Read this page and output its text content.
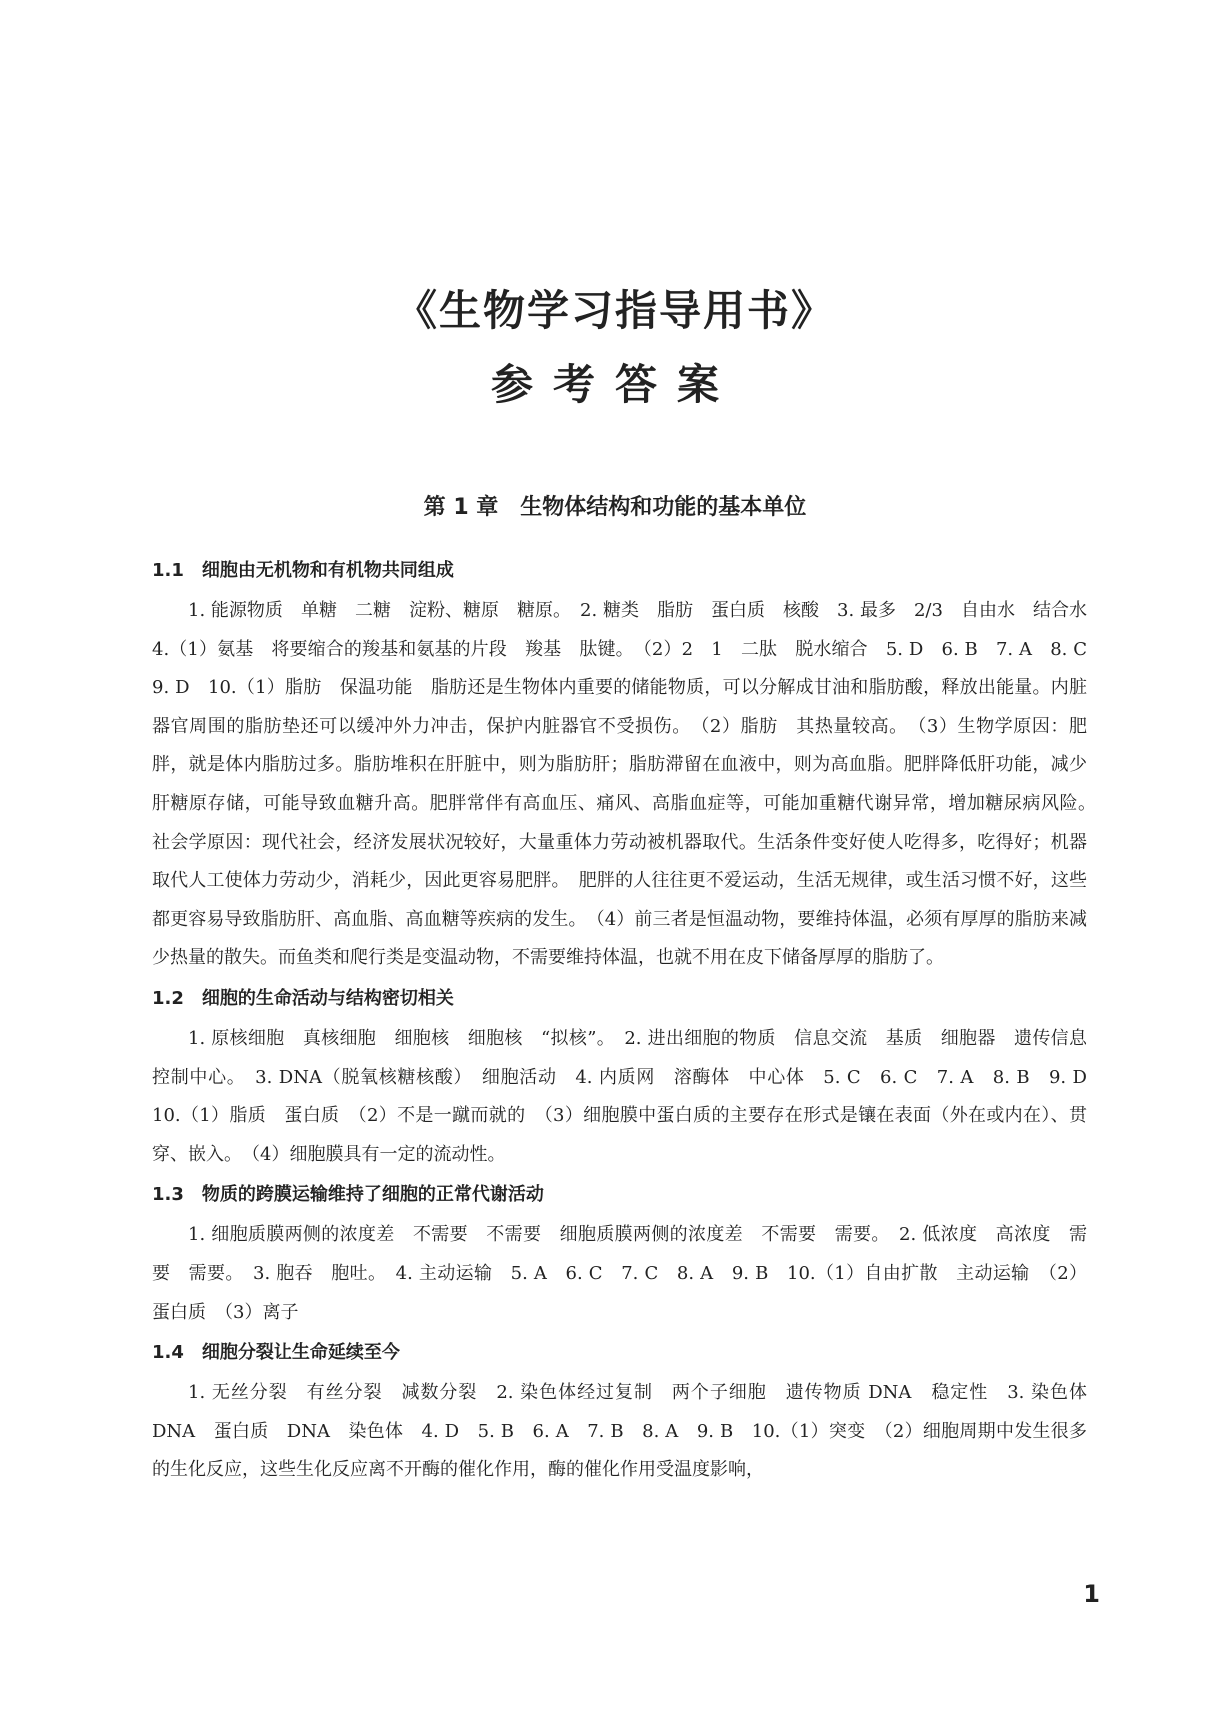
《生物学习指导用书》
参考答案
第 1 章　生物体结构和功能的基本单位
1.1　细胞由无机物和有机物共同组成

1. 能源物质　单糖　二糖　淀粉、糖原　糖原。　2. 糖类　脂肪　蛋白质　核酸　3. 最多　2/3　自由水　结合水　4.（1）氨基　将要缩合的羧基和氨基的片段　羧基　肽键。　（2）2　1　二肽　脱水缩合　5. D　6. B　7. A　8. C　9. D　10.（1）脂肪　保温功能　脂肪还是生物体内重要的储能物质，可以分解成甘油和脂肪酸，释放出能量。内脏器官周围的脂肪垫还可以缓冲外力冲击，保护内脏器官不受损伤。　（2）脂肪　其热量较高。　（3）生物学原因：肥胖，就是体内脂肪过多。脂肪堆积在肝脏中，则为脂肪肝；脂肪滞留在血液中，则为高血脂。肥胖降低肝功能，减少肝糖原存储，可能导致血糖升高。肥胖常伴有高血压、痛风、高脂血症等，可能加重糖代谢异常，增加糖尿病风险。　社会学原因：现代社会，经济发展状况较好，大量重体力劳动被机器取代。生活条件变好使人吃得多，吃得好；机器取代人工使体力劳动少，消耗少，因此更容易肥胖。　肥胖的人往往更不爱运动，生活无规律，或生活习惯不好，这些都更容易导致脂肪肝、高血脂、高血糖等疾病的发生。　（4）前三者是恒温动物，要维持体温，必须有厚厚的脂肪来减少热量的散失。而鱼类和爬行类是变温动物，不需要维持体温，也就不用在皮下储备厚厚的脂肪了。

1.2　细胞的生命活动与结构密切相关

1. 原核细胞　真核细胞　细胞核　细胞核　“拟核”。　2. 进出细胞的物质　信息交流　基质　细胞器　遗传信息　控制中心。　3. DNA（脱氧核糖核酸）　细胞活动　4. 内质网　溶酶体　中心体　5. C　6. C　7. A　8. B　9. D　10.（1）脂质　蛋白质　（2）不是一蹴而就的　（3）细胞膜中蛋白质的主要存在形式是镶在表面（外在或内在）、贯穿、嵌入。　（4）细胞膜具有一定的流动性。

1.3　物质的跨膜运输维持了细胞的正常代谢活动

1. 细胞质膜两侧的浓度差　不需要　不需要　细胞质膜两侧的浓度差　不需要　需要。　2. 低浓度　高浓度　需要　需要。　3. 胞吞　胞吐。　4. 主动运输　5. A　6. C　7. C　8. A　9. B　10.（1）自由扩散　主动运输　（2）蛋白质　（3）离子

1.4　细胞分裂让生命延续至今

1. 无丝分裂　有丝分裂　减数分裂　2. 染色体经过复制　两个子细胞　遗传物质 DNA　稳定性　3. 染色体　DNA　蛋白质　DNA　染色体　4. D　5. B　6. A　7. B　8. A　9. B　10.（1）突变　（2）细胞周期中发生很多的生化反应，这些生化反应离不开酶的催化作用，酶的催化作用受温度影响，

1
